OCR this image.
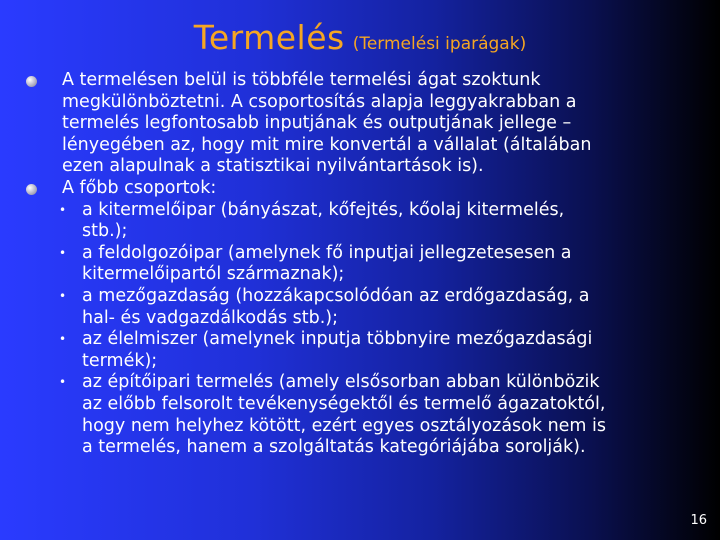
Termelés (Termelési iparágak)
A termelésen belül is többféle termelési ágat szoktunk
megkülönböztetni. A csoportosítás alapja leggyakrabban a
termelés legfontosabb inputjának és outputjának jellege –
lényegében az, hogy mit mire konvertál a vállalat (általában
ezen alapulnak a statisztikai nyilvántartások is).
A főbb csoportok:
• a kitermelőipar (bányászat, kőfejtés, kőolaj kitermelés,
stb.);
• a feldolgozóipar (amelynek fő inputjai jellegzetesesen a
kitermelőipartól származnak);
• a mezőgazdaság (hozzákapcsolódóan az erdőgazdaság, a
hal- és vadgazdálkodás stb.);
• az élelmiszer (amelynek inputja többnyire mezőgazdasági
termék);
• az építőipari termelés (amely elsősorban abban különbözik
az előbb felsorolt tevékenységektől és termelő ágazatoktól,
hogy nem helyhez kötött, ezért egyes osztályozások nem is
a termelés, hanem a szolgáltatás kategóriájába sorolják).
16
